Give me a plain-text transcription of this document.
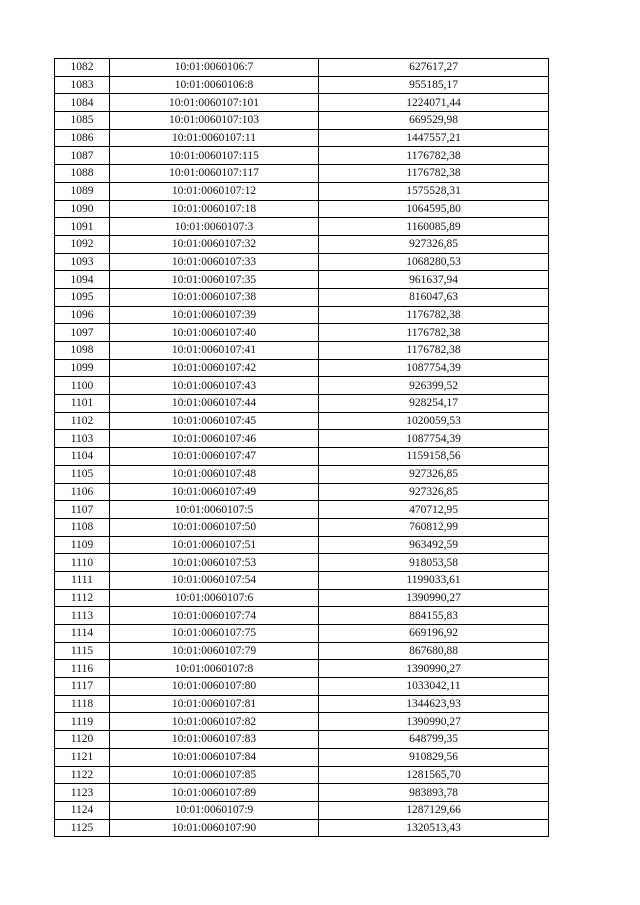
1082	10:01:0060106:7	627617,27
1083	10:01:0060106:8	955185,17
1084	10:01:0060107:101	1224071,44
1085	10:01:0060107:103	669529,98
1086	10:01:0060107:11	1447557,21
1087	10:01:0060107:115	1176782,38
1088	10:01:0060107:117	1176782,38
1089	10:01:0060107:12	1575528,31
1090	10:01:0060107:18	1064595,80
1091	10:01:0060107:3	1160085,89
1092	10:01:0060107:32	927326,85
1093	10:01:0060107:33	1068280,53
1094	10:01:0060107:35	961637,94
1095	10:01:0060107:38	816047,63
1096	10:01:0060107:39	1176782,38
1097	10:01:0060107:40	1176782,38
1098	10:01:0060107:41	1176782,38
1099	10:01:0060107:42	1087754,39
1100	10:01:0060107:43	926399,52
1101	10:01:0060107:44	928254,17
1102	10:01:0060107:45	1020059,53
1103	10:01:0060107:46	1087754,39
1104	10:01:0060107:47	1159158,56
1105	10:01:0060107:48	927326,85
1106	10:01:0060107:49	927326,85
1107	10:01:0060107:5	470712,95
1108	10:01:0060107:50	760812,99
1109	10:01:0060107:51	963492,59
1110	10:01:0060107:53	918053,58
1111	10:01:0060107:54	1199033,61
1112	10:01:0060107:6	1390990,27
1113	10:01:0060107:74	884155,83
1114	10:01:0060107:75	669196,92
1115	10:01:0060107:79	867680,88
1116	10:01:0060107:8	1390990,27
1117	10:01:0060107:80	1033042,11
1118	10:01:0060107:81	1344623,93
1119	10:01:0060107:82	1390990,27
1120	10:01:0060107:83	648799,35
1121	10:01:0060107:84	910829,56
1122	10:01:0060107:85	1281565,70
1123	10:01:0060107:89	983893,78
1124	10:01:0060107:9	1287129,66
1125	10:01:0060107:90	1320513,43
